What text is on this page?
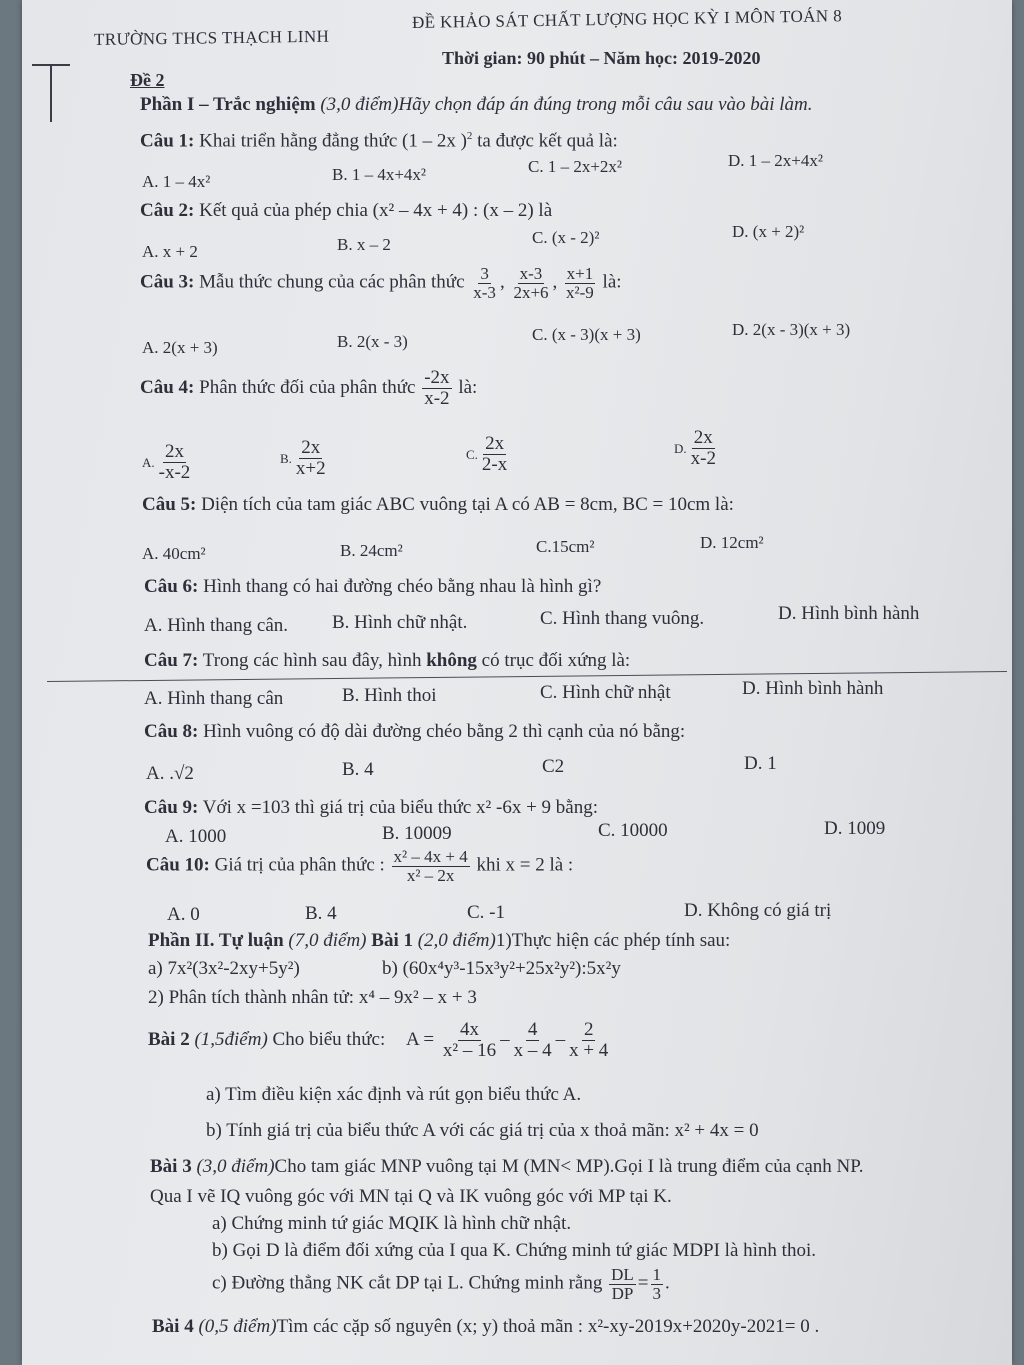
TRƯỜNG THCS THẠCH LINH
ĐỀ KHẢO SÁT CHẤT LƯỢNG HỌC KỲ I MÔN TOÁN 8
Đề 2
Thời gian: 90 phút – Năm học: 2019-2020
Phần I – Trắc nghiệm (3,0 điểm)Hãy chọn đáp án đúng trong mỗi câu sau vào bài làm.
Câu 1: Khai triển hằng đẳng thức (1 – 2x )$^2$ ta được kết quả là:
A. 1 – 4x²	B. 1 – 4x+4x²	C. 1 – 2x+2x²	D. 1 – 2x+4x²
Câu 2: Kết quả của phép chia (x² – 4x + 4) : (x – 2) là
A. x + 2	B. x – 2	C. (x - 2)²	D. (x + 2)²
Câu 3: Mẫu thức chung của các phân thức $\frac{3}{x-3}$ , $\frac{x-3}{2x+6}$ , $\frac{x+1}{\text{x²-9}}$ là:
A. 2(x + 3)	B. 2(x - 3)	C. (x - 3)(x + 3)	D. 2(x - 3)(x + 3)
Câu 4: Phân thức đối của phân thức $\frac{-2x}{x-2}$ là:
A. $\frac{2x}{-x-2}$	B. $\frac{2x}{x+2}$	C. $\frac{2x}{2-x}$	D. $\frac{2x}{x-2}$
Câu 5: Diện tích của tam giác ABC vuông tại A có AB = 8cm, BC = 10cm là:
A. 40cm²	B. 24cm²	C.15cm²	D. 12cm²
Câu 6: Hình thang có hai đường chéo bằng nhau là hình gì?
A. Hình thang cân. B. Hình chữ nhật.	C. Hình thang vuông.	D. Hình bình hành
Câu 7: Trong các hình sau đây, hình không có trục đối xứng là:
A. Hình thang cân	B. Hình thoi	C. Hình chữ nhật	D. Hình bình hành
Câu 8: Hình vuông có độ dài đường chéo bằng 2 thì cạnh của nó bằng:
A. .√2	B. 4	C2	D. 1
Câu 9: Với x =103 thì giá trị của biểu thức x² -6x + 9 bằng:
A. 1000	B. 10009	C. 10000	D. 1009
Câu 10: Giá trị của phân thức : $\frac{\text{x² – 4x + 4}}{\text{x² – 2x}}$ khi x = 2 là :
A. 0	B. 4	C. -1	D. Không có giá trị
Phần II. Tự luận (7,0 điểm) Bài 1 (2,0 điểm)1)Thực hiện các phép tính sau:
a) 7x²(3x²-2xy+5y²)	b) (60x⁴y³-15x³y²+25x²y²):5x²y
2) Phân tích thành nhân tử: x⁴ – 9x² – x + 3
Bài 2 (1,5điểm) Cho biểu thức: $A = \frac{4x}{\text{x² – 16}} - \frac{4}{x - 4} - \frac{2}{x + 4}$
a) Tìm điều kiện xác định và rút gọn biểu thức A.
b) Tính giá trị của biểu thức A với các giá trị của x thoả mãn: x² + 4x = 0
Bài 3 (3,0 điểm)Cho tam giác MNP vuông tại M (MN< MP).Gọi I là trung điểm của cạnh NP.
Qua I vẽ IQ vuông góc với MN tại Q và IK vuông góc với MP tại K.
a) Chứng minh tứ giác MQIK là hình chữ nhật.
b) Gọi D là điểm đối xứng của I qua K. Chứng minh tứ giác MDPI là hình thoi.
c) Đường thẳng NK cắt DP tại L. Chứng minh rằng $\frac{DL}{DP} = \frac{1}{3}$ .
Bài 4 (0,5 điểm)Tìm các cặp số nguyên (x; y) thoả mãn : x²-xy-2019x+2020y-2021= 0 .
